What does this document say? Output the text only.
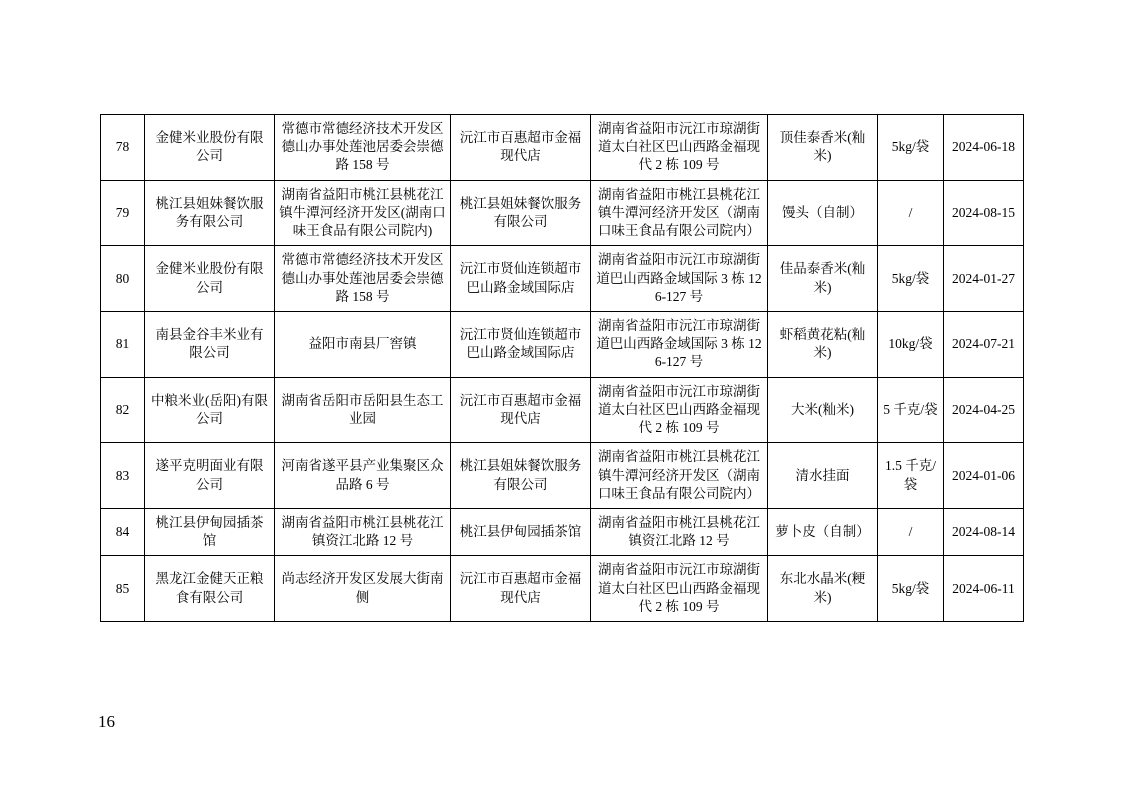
78	金健米业股份有限公司	常德市常德经济技术开发区德山办事处莲池居委会崇德路 158 号	沅江市百惠超市金福现代店	湖南省益阳市沅江市琼湖街道太白社区巴山西路金福现代 2 栋 109 号	顶佳泰香米(籼米)	5kg/袋	2024-06-18
79	桃江县姐妹餐饮服务有限公司	湖南省益阳市桃江县桃花江镇牛潭河经济开发区(湖南口味王食品有限公司院内)	桃江县姐妹餐饮服务有限公司	湖南省益阳市桃江县桃花江镇牛潭河经济开发区（湖南口味王食品有限公司院内）	馒头（自制）	/	2024-08-15
80	金健米业股份有限公司	常德市常德经济技术开发区德山办事处莲池居委会崇德路 158 号	沅江市贤仙连锁超市巴山路金域国际店	湖南省益阳市沅江市琼湖街道巴山西路金域国际 3 栋 126-127 号	佳品泰香米(籼米)	5kg/袋	2024-01-27
81	南县金谷丰米业有限公司	益阳市南县厂窖镇	沅江市贤仙连锁超市巴山路金域国际店	湖南省益阳市沅江市琼湖街道巴山西路金域国际 3 栋 126-127 号	虾稻黄花粘(籼米)	10kg/袋	2024-07-21
82	中粮米业(岳阳)有限公司	湖南省岳阳市岳阳县生态工业园	沅江市百惠超市金福现代店	湖南省益阳市沅江市琼湖街道太白社区巴山西路金福现代 2 栋 109 号	大米(籼米)	5 千克/袋	2024-04-25
83	遂平克明面业有限公司	河南省遂平县产业集聚区众品路 6 号	桃江县姐妹餐饮服务有限公司	湖南省益阳市桃江县桃花江镇牛潭河经济开发区（湖南口味王食品有限公司院内）	清水挂面	1.5 千克/袋	2024-01-06
84	桃江县伊甸园插茶馆	湖南省益阳市桃江县桃花江镇资江北路 12 号	桃江县伊甸园插茶馆	湖南省益阳市桃江县桃花江镇资江北路 12 号	萝卜皮（自制）	/	2024-08-14
85	黑龙江金健天正粮食有限公司	尚志经济开发区发展大街南侧	沅江市百惠超市金福现代店	湖南省益阳市沅江市琼湖街道太白社区巴山西路金福现代 2 栋 109 号	东北水晶米(粳米)	5kg/袋	2024-06-11
16
